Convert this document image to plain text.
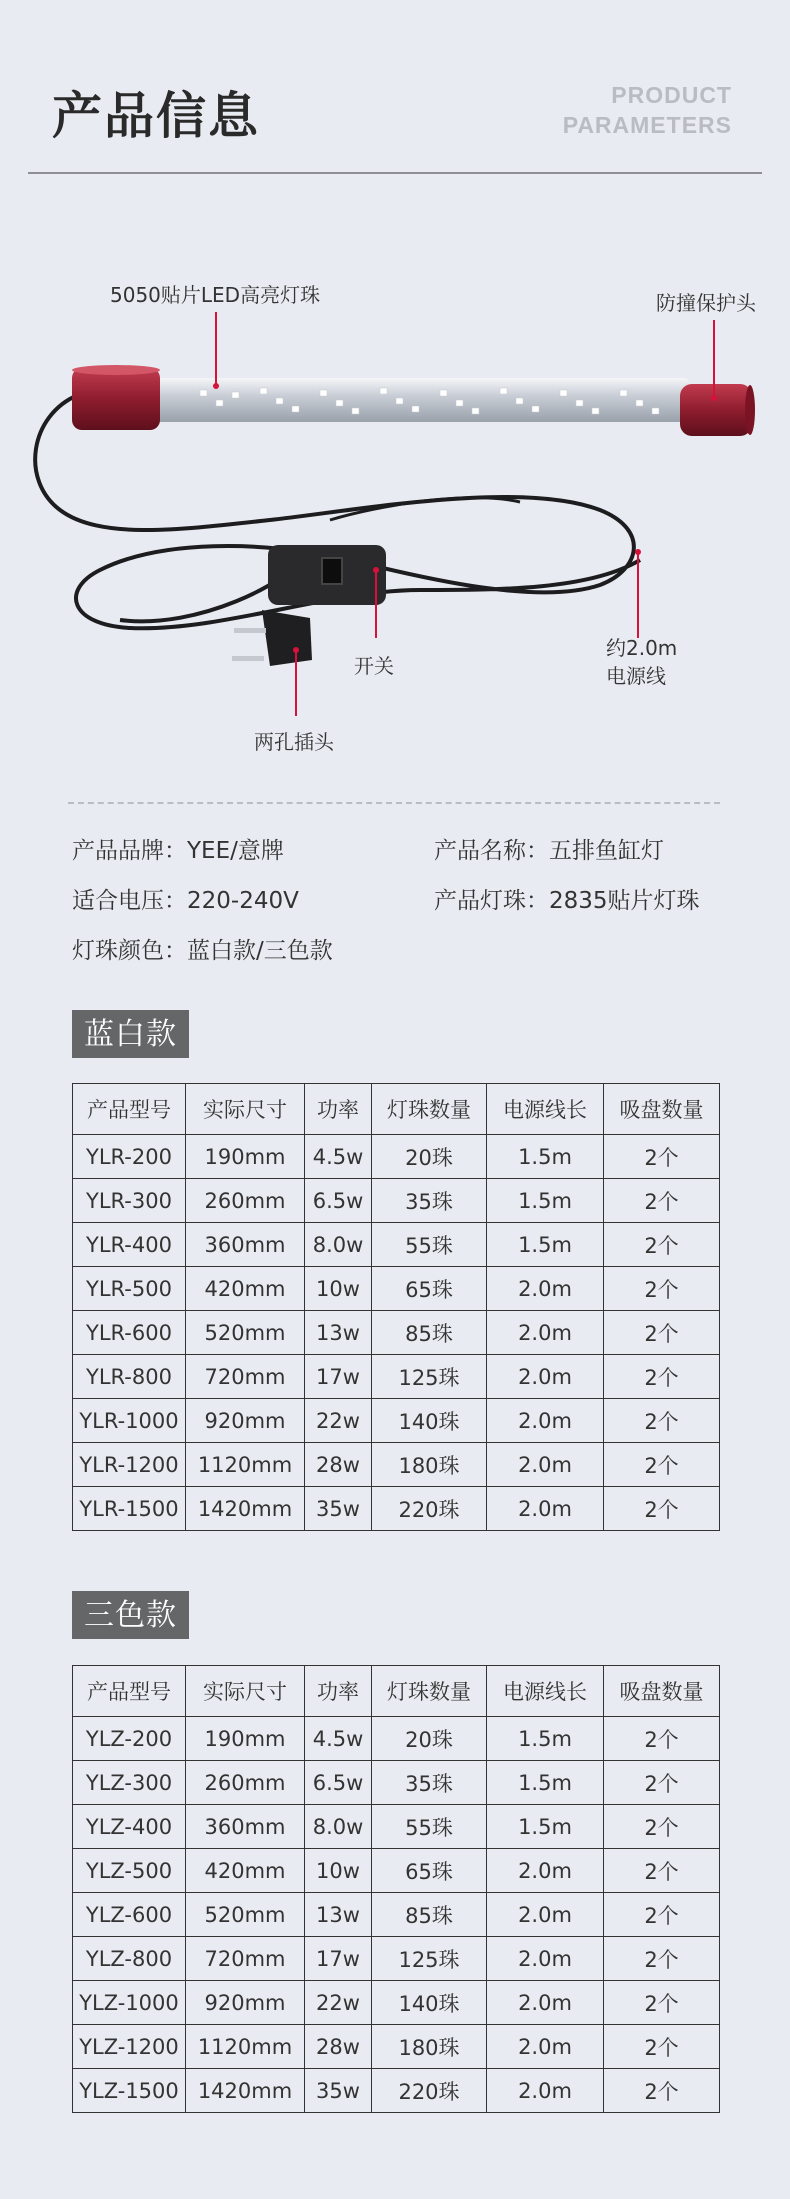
产品信息	PRODUCT
PARAMETERS
5050贴片LED高亮灯珠	防撞保护头
开关
约2.0m
电源线
两孔插头
产品品牌：YEE/意牌	产品名称：五排鱼缸灯
适合电压：220-240V	产品灯珠：2835贴片灯珠
灯珠颜色：蓝白款/三色款
蓝白款
产品型号	实际尺寸	功率	灯珠数量	电源线长	吸盘数量
YLR-200	190mm	4.5w	20珠	1.5m	2个
YLR-300	260mm	6.5w	35珠	1.5m	2个
YLR-400	360mm	8.0w	55珠	1.5m	2个
YLR-500	420mm	10w	65珠	2.0m	2个
YLR-600	520mm	13w	85珠	2.0m	2个
YLR-800	720mm	17w	125珠	2.0m	2个
YLR-1000	920mm	22w	140珠	2.0m	2个
YLR-1200	1120mm	28w	180珠	2.0m	2个
YLR-1500	1420mm	35w	220珠	2.0m	2个
三色款
产品型号	实际尺寸	功率	灯珠数量	电源线长	吸盘数量
YLZ-200	190mm	4.5w	20珠	1.5m	2个
YLZ-300	260mm	6.5w	35珠	1.5m	2个
YLZ-400	360mm	8.0w	55珠	1.5m	2个
YLZ-500	420mm	10w	65珠	2.0m	2个
YLZ-600	520mm	13w	85珠	2.0m	2个
YLZ-800	720mm	17w	125珠	2.0m	2个
YLZ-1000	920mm	22w	140珠	2.0m	2个
YLZ-1200	1120mm	28w	180珠	2.0m	2个
YLZ-1500	1420mm	35w	220珠	2.0m	2个
